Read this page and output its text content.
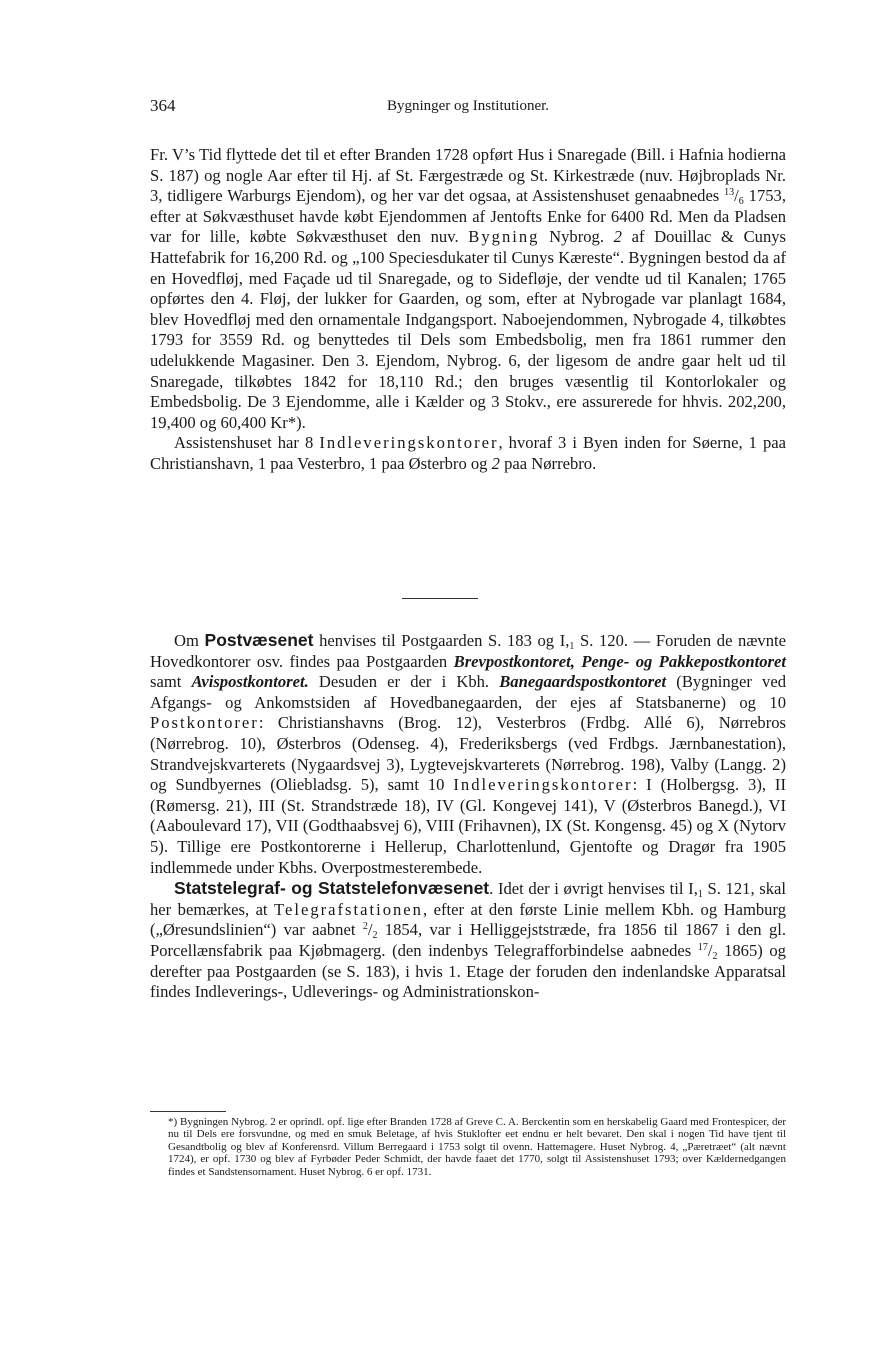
364	Bygninger og Institutioner.

Fr. V’s Tid flyttede det til et efter Branden 1728 opført Hus i Snaregade (Bill. i Hafnia hodierna S. 187) og nogle Aar efter til Hj. af St. Færgestræde og St. Kirkestræde (nuv. Højbroplads Nr. 3, tidligere Warburgs Ejendom), og her var det ogsaa, at Assistenshuset genaabnedes $^{13}/_6$ 1753, efter at Søkvæsthuset havde købt Ejendommen af Jentofts Enke for 6400 Rd. Men da Pladsen var for lille, købte Søkvæsthuset den nuv. Bygning Nybrog. 2 af Douillac & Cunys Hattefabrik for 16,200 Rd. og „100 Speciesdukater til Cunys Kæreste“. Bygningen bestod da af en Hovedfløj, med Façade ud til Snaregade, og to Sidefløje, der vendte ud til Kanalen; 1765 opførtes den 4. Fløj, der lukker for Gaarden, og som, efter at Nybrogade var planlagt 1684, blev Hovedfløj med den ornamentale Indgangsport. Naboejendommen, Nybrogade 4, tilkøbtes 1793 for 3559 Rd. og benyttedes til Dels som Embedsbolig, men fra 1861 rummer den udelukkende Magasiner. Den 3. Ejendom, Nybrog. 6, der ligesom de andre gaar helt ud til Snaregade, tilkøbtes 1842 for 18,110 Rd.; den bruges væsentlig til Kontorlokaler og Embedsbolig. De 3 Ejendomme, alle i Kælder og 3 Stokv., ere assurerede for hhvis. 202,200, 19,400 og 60,400 Kr*).

Assistenshuset har 8 Indleveringskontorer, hvoraf 3 i Byen inden for Søerne, 1 paa Christianshavn, 1 paa Vesterbro, 1 paa Østerbro og 2 paa Nørrebro.

Om Postvæsenet henvises til Postgaarden S. 183 og $I,_1$ S. 120. — Foruden de nævnte Hovedkontorer osv. findes paa Postgaarden Brevpostkontoret, Penge- og Pakkepostkontoret samt Avispostkontoret. Desuden er der i Kbh. Banegaardspostkontoret (Bygninger ved Afgangs- og Ankomstsiden af Hovedbanegaarden, der ejes af Statsbanerne) og 10 Postkontorer: Christianshavns (Brog. 12), Vesterbros (Frdbg. Allé 6), Nørrebros (Nørrebrog. 10), Østerbros (Odenseg. 4), Frederiksbergs (ved Frdbgs. Jærnbanestation), Strandvejskvarterets (Nygaardsvej 3), Lygtevejskvarterets (Nørrebrog. 198), Valby (Langg. 2) og Sundbyernes (Oliebladsg. 5), samt 10 Indleveringskontorer: I (Holbergsg. 3), II (Rømersg. 21), III (St. Strandstræde 18), IV (Gl. Kongevej 141), V (Østerbros Banegd.), VI (Aaboulevard 17), VII (Godthaabsvej 6), VIII (Frihavnen), IX (St. Kongensg. 45) og X (Nytorv 5). Tillige ere Postkontorerne i Hellerup, Charlottenlund, Gjentofte og Dragør fra 1905 indlemmede under Kbhs. Overpostmesterembede.

Statstelegraf- og Statstelefonvæsenet. Idet der i øvrigt henvises til $I,_1$ S. 121, skal her bemærkes, at Telegrafstationen, efter at den første Linie mellem Kbh. og Hamburg („Øresundslinien“) var aabnet $^2/_2$ 1854, var i Helliggejststræde, fra 1856 til 1867 i den gl. Porcellænsfabrik paa Kjøbmagerg. (den indenbys Telegrafforbindelse aabnedes $^{17}/_2$ 1865) og derefter paa Postgaarden (se S. 183), i hvis 1. Etage der foruden den indenlandske Apparatsal findes Indleverings-, Udleverings- og Administrationskon-

*) Bygningen Nybrog. 2 er oprindl. opf. lige efter Branden 1728 af Greve C. A. Berckentin som en herskabelig Gaard med Frontespicer, der nu til Dels ere forsvundne, og med en smuk Beletage, af hvis Stuklofter eet endnu er helt bevaret. Den skal i nogen Tid have tjent til Gesandtbolig og blev af Konferensrd. Villum Berregaard i 1753 solgt til ovenn. Hattemagere. Huset Nybrog. 4, „Pæretræet“ (alt nævnt 1724), er opf. 1730 og blev af Fyrbøder Peder Schmidt, der havde faaet det 1770, solgt til Assistenshuset 1793; over Kældernedgangen findes et Sandstensornament. Huset Nybrog. 6 er opf. 1731.
